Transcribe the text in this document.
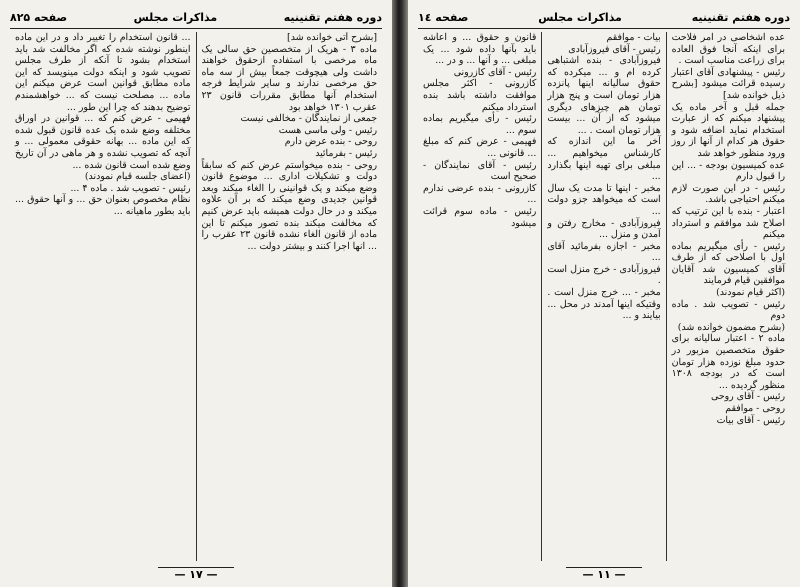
دوره هفتم تقنینیه
مذاکرات مجلس
صفحه ۸۲۵

[بشرح آتی خوانده شد]
ماده ۳ - هریک از متخصصین حق سالی یک ماه مرخصی با استفاده ازحقوق خواهند داشت ولی هیچوقت جمعاً بیش از سه ماه حق مرخصی ندارند و سایر شرایط فرجه استخدام آنها مطابق مقررات قانون ۲۳ عقرب ۱۳۰۱ خواهد بود
جمعی از نمایندگان - مخالفی نیست
رئیس - ولی ماسی هست
روحی - بنده عرض دارم
رئیس - بفرمائید
روحی - بنده میخواستم عرض کنم که سابقاً دولت و تشکیلات اداری ... موضوع قانون وضع میکند و یک قوانینی را الغاء میکند وبعد قوانین جدیدی وضع میکند که بر آن علاوه میکند و در حال دولت همیشه باید عرض کنیم که مخالفت میکند بنده تصور میکنم تا این ماده از قانون الغاء نشده قانون ۲۳ عقرب را ... انها اجرا کنند و بیشتر دولت ...

... قانون استخدام را تغییر داد و در این ماده اینطور نوشته شده که اگر مخالفت شد باید استخدام بشود تا آنکه از طرف مجلس تصویب شود و اینکه دولت مینویسد که این ماده مطابق قوانین است عرض میکنم این ماده ... مصلحت نیست که ... خواهشمندم توضیح بدهند که چرا این طور ...
فهیمی - عرض کنم که ... قوانین در اوراق مختلفه وضع شده یک عده قانون قبول شده که این ماده ... بهانه حقوقی معمولی ... و آنچه که تصویب نشده و هر ماهی در آن تاریخ وضع شده است قانون شده ...
(اعضای جلسه قیام نمودند)
رئیس - تصویب شد . ماده ۴ ...
نظام مخصوص بعنوان حق ... و آنها حقوق ... باید بطور ماهیانه ...

— ۱۷ —
دوره هفتم تقنینیه
مذاکرات مجلس
صفحه ۱٤

عده اشخاصی در امر فلاحت برای اینکه آنجا فوق العاده برای زراعت مناسب است .
رئیس - پیشنهادی آقای اعتبار رسیده قرائت میشود [بشرح ذیل خوانده شد]
جمله قبل و آخر ماده یک پیشنهاد میکنم که از عبارت استخدام نماید اضافه شود و حقوق هر کدام از آنها از روز ورود منظور خواهد شد
عده کمیسیون بودجه - ... این را قبول دارم
رئیس - در این صورت لازم میکنم احتیاجی باشد.
اعتبار - بنده با این ترتیب که اصلاح شد موافقم و استرداد میکنم
رئیس - رأی میگیریم بماده اول با اصلاحی که از طرف آقای کمیسیون شد آقایان موافقین قیام فرمایند
(اکثر قیام نمودند)
رئیس - تصویب شد . ماده دوم
(بشرح مضمون خوانده شد)
ماده ۲ - اعتبار سالیانه برای حقوق متخصصین مزبور در حدود مبلغ نوزده هزار تومان است که در بودجه ۱۳۰۸ منظور گردیده ...
رئیس - آقای روحی
روحی - موافقم
رئیس - آقای بیات

بیات - موافقم
رئیس - آقای فیروزآبادی
فیروزآبادی - بنده اشتباهی کرده ام و ... میکرده که حقوق سالیانه اینها پانزده هزار تومان است و پنج هزار تومان هم چیزهای دیگری میشود که از آن ... بیست هزار تومان است . ...
آخر ما این اندازه که کارشناس میخواهیم ... مبلغی برای تهیه اینها بگذارد ...
مخبر - اینها تا مدت یک سال است که میخواهد جزو دولت ...
فیروزآبادی - مخارج رفتن و آمدن و منزل ...
مخبر - اجازه بفرمائید آقای ...
فیروزآبادی - خرج منزل است .
مخبر - ... خرج منزل است . وقتیکه اینها آمدند در محل ... بیایند و ...

قانون و حقوق ... و اعاشه باید بآنها داده شود ... یک مبلغی ... و آنها ... و در ...
رئیس - آقای کازرونی
کازرونی - اکثر مجلس موافقت داشته باشد بنده استرداد میکنم
رئیس - رأی میگیریم بماده سوم ...
فهیمی - عرض کنم که مبلغ ... قانونی ...
رئیس - آقای نمایندگان - صحیح است
کازرونی - بنده عرضی ندارم ...
رئیس - ماده سوم قرائت میشود

— ۱۱ —
